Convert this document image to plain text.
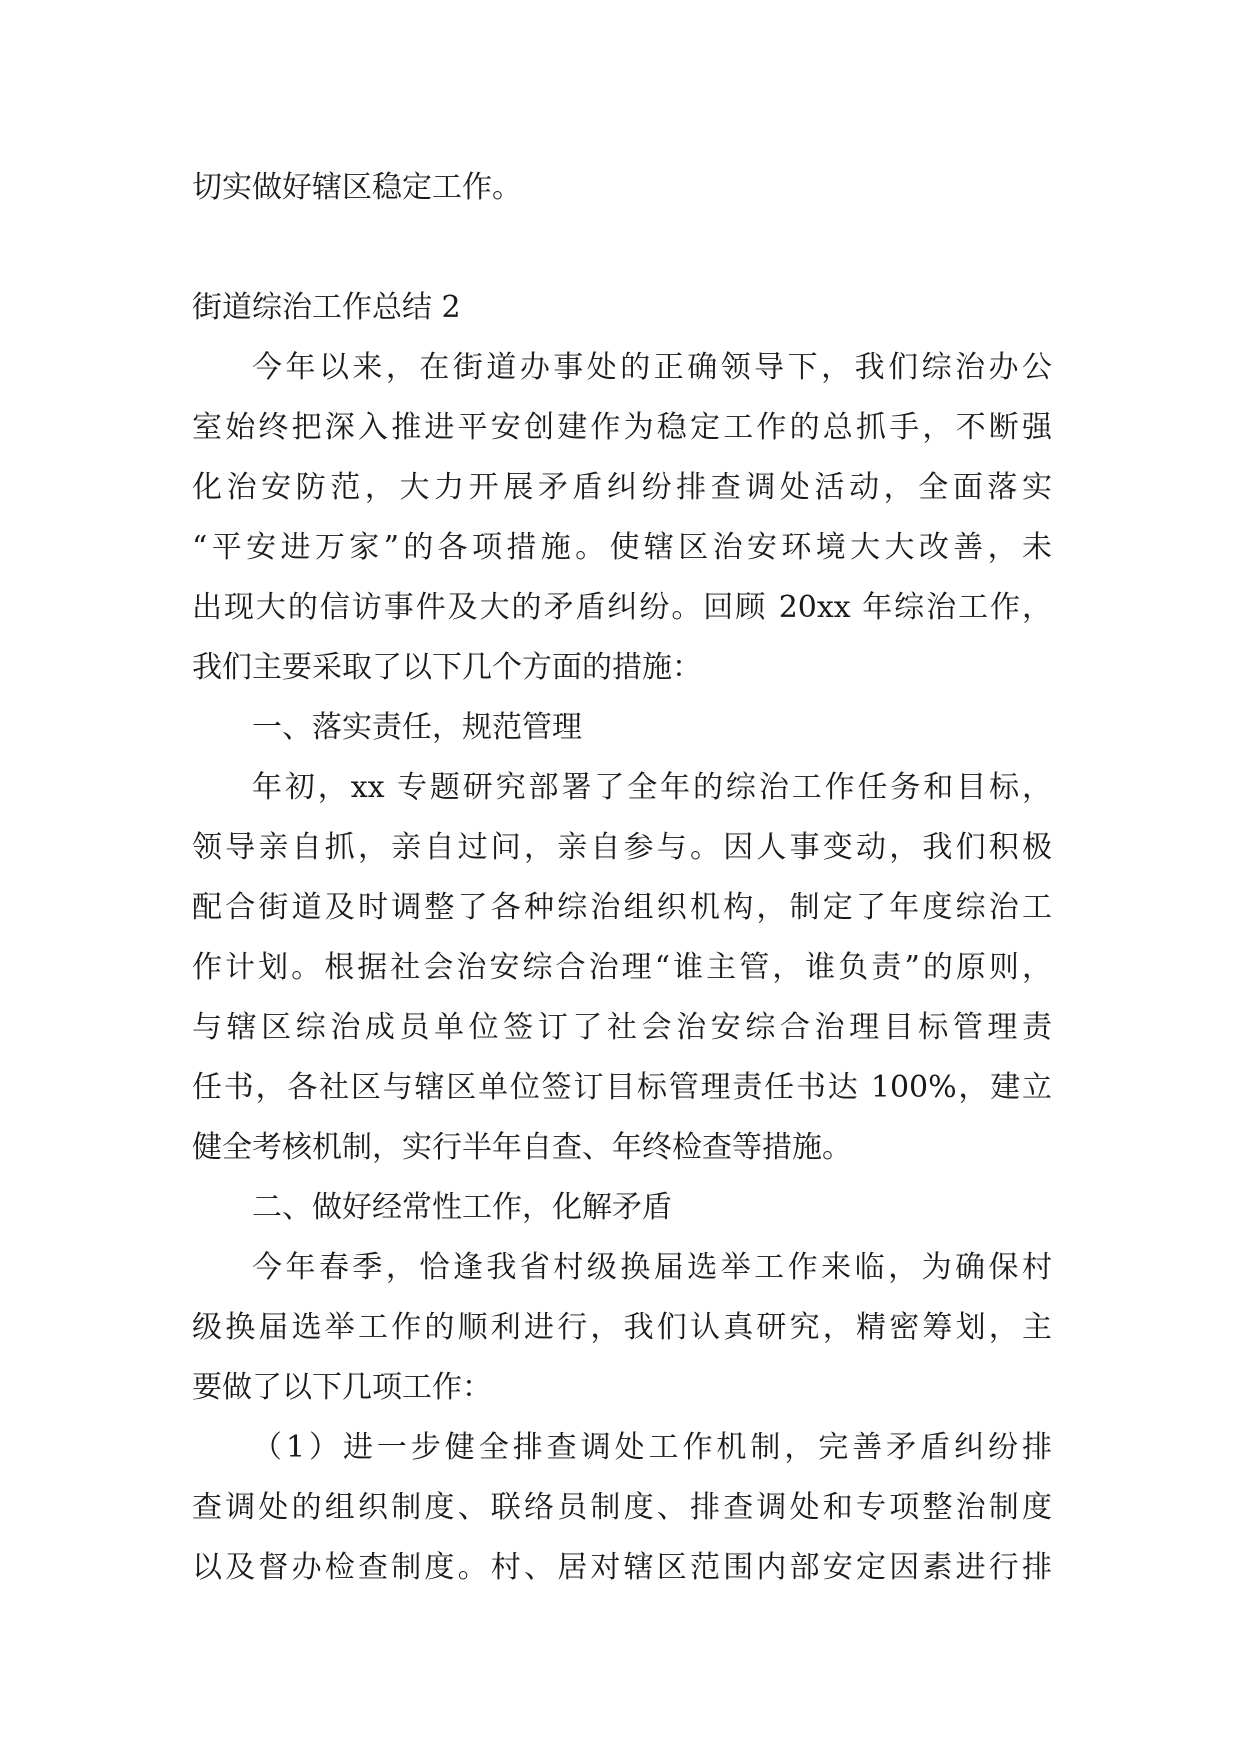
切实做好辖区稳定工作。
街道综治工作总结 2
今年以来，在街道办事处的正确领导下，我们综治办公
室始终把深入推进平安创建作为稳定工作的总抓手，不断强
化治安防范，大力开展矛盾纠纷排查调处活动，全面落实
“平安进万家”的各项措施。使辖区治安环境大大改善，未
出现大的信访事件及大的矛盾纠纷。回顾 20xx 年综治工作，
我们主要采取了以下几个方面的措施：
一、落实责任，规范管理
年初，xx 专题研究部署了全年的综治工作任务和目标，
领导亲自抓，亲自过问，亲自参与。因人事变动，我们积极
配合街道及时调整了各种综治组织机构，制定了年度综治工
作计划。根据社会治安综合治理“谁主管，谁负责”的原则，
与辖区综治成员单位签订了社会治安综合治理目标管理责
任书，各社区与辖区单位签订目标管理责任书达 100%，建立
健全考核机制，实行半年自查、年终检查等措施。
二、做好经常性工作，化解矛盾
今年春季，恰逢我省村级换届选举工作来临，为确保村
级换届选举工作的顺利进行，我们认真研究，精密筹划，主
要做了以下几项工作：
（1）进一步健全排查调处工作机制，完善矛盾纠纷排
查调处的组织制度、联络员制度、排查调处和专项整治制度
以及督办检查制度。村、居对辖区范围内部安定因素进行排
